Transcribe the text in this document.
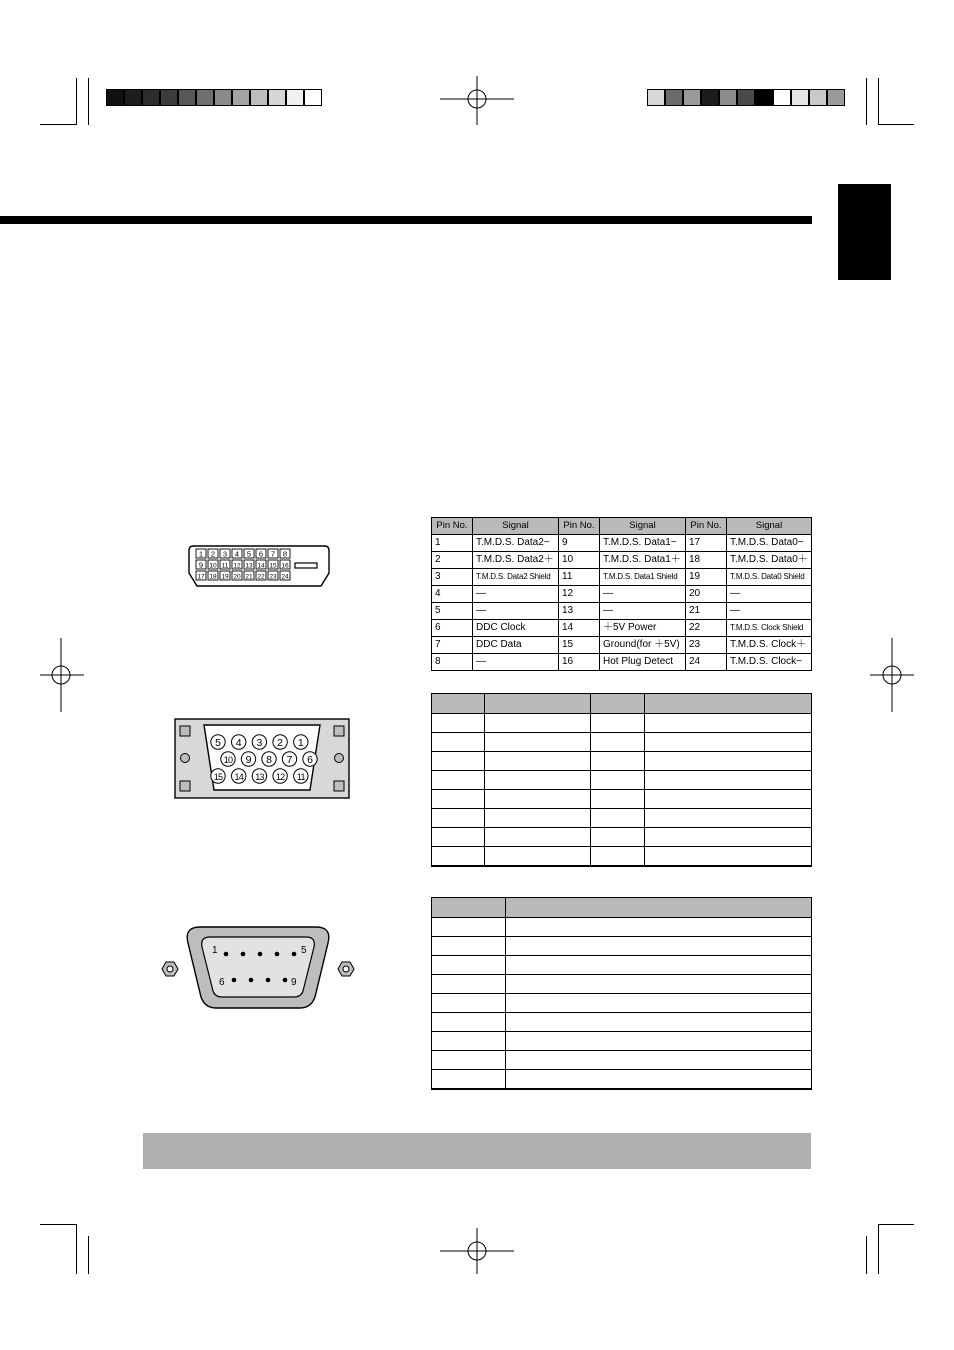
1 2 3 4 5 6 7 8
9 10 11 12 13 14 15 16
17 18 19 20 21 22 23 24
5 4 3 2 1
10 9 8 7 6
15 14 13 12 11
1	5
6	9
Pin No.	Signal	Pin No.	Signal	Pin No.	Signal
1	T.M.D.S. Data2−	9	T.M.D.S. Data1−	17	T.M.D.S. Data0−
2	T.M.D.S. Data2＋	10	T.M.D.S. Data1＋	18	T.M.D.S. Data0＋
3	T.M.D.S. Data2 Shield	11	T.M.D.S. Data1 Shield	19	T.M.D.S. Data0 Shield
4	—	12	—	20	—
5	—	13	—	21	—
6	DDC Clock	14	＋5V Power	22	T.M.D.S. Clock Shield
7	DDC Data	15	Ground(for ＋5V)	23	T.M.D.S. Clock＋
8	—	16	Hot Plug Detect	24	T.M.D.S. Clock−
